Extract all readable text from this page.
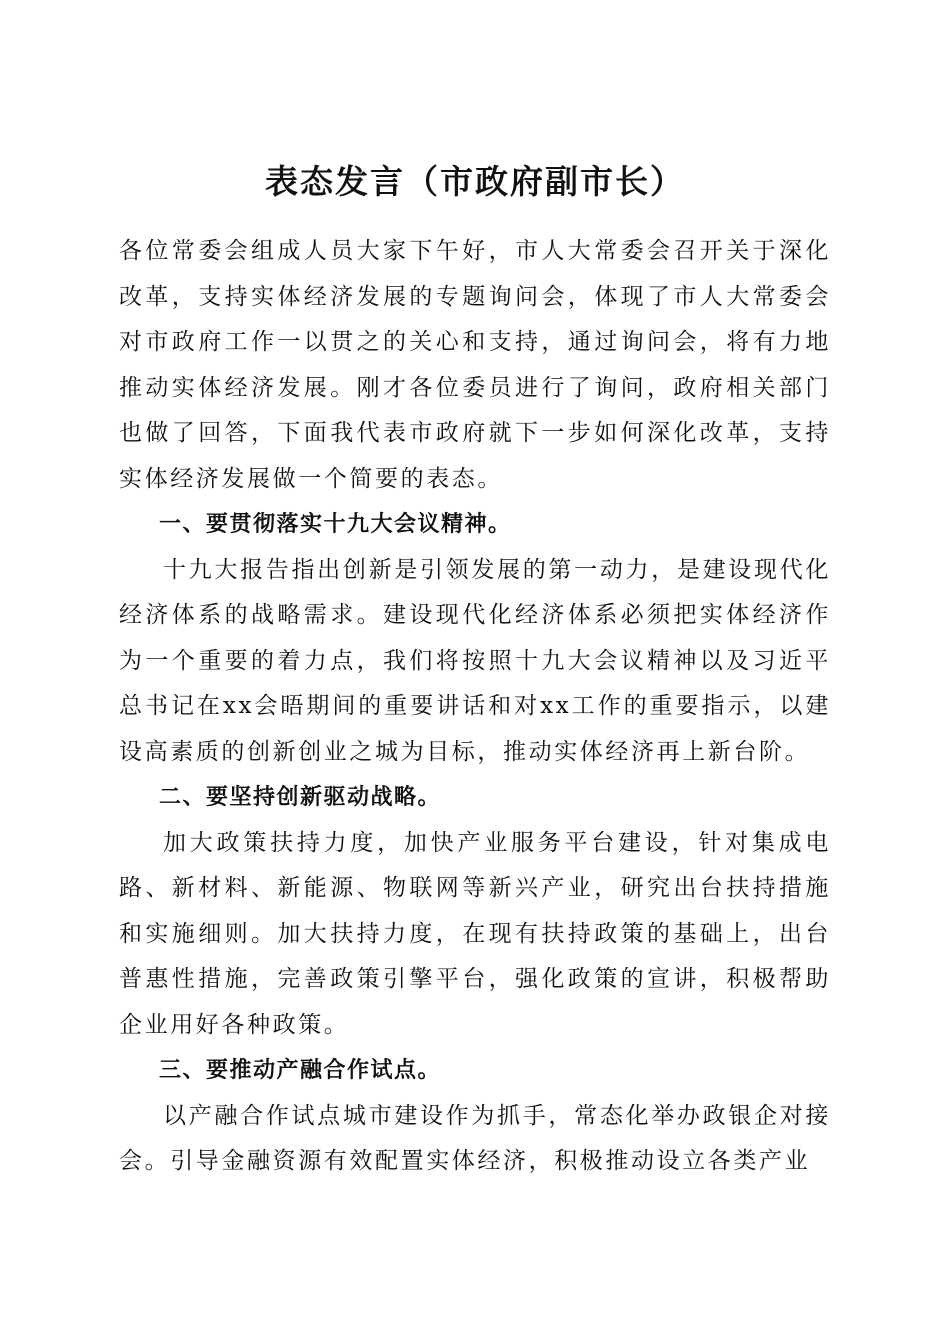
表态发言（市政府副市长）

各位常委会组成人员大家下午好，市人大常委会召开关于深化改革，支持实体经济发展的专题询问会，体现了市人大常委会对市政府工作一以贯之的关心和支持，通过询问会，将有力地推动实体经济发展。刚才各位委员进行了询问，政府相关部门也做了回答，下面我代表市政府就下一步如何深化改革，支持实体经济发展做一个简要的表态。

一、要贯彻落实十九大会议精神。

十九大报告指出创新是引领发展的第一动力，是建设现代化经济体系的战略需求。建设现代化经济体系必须把实体经济作为一个重要的着力点，我们将按照十九大会议精神以及习近平总书记在xx会晤期间的重要讲话和对xx工作的重要指示，以建设高素质的创新创业之城为目标，推动实体经济再上新台阶。

二、要坚持创新驱动战略。

加大政策扶持力度，加快产业服务平台建设，针对集成电路、新材料、新能源、物联网等新兴产业，研究出台扶持措施和实施细则。加大扶持力度，在现有扶持政策的基础上，出台普惠性措施，完善政策引擎平台，强化政策的宣讲，积极帮助企业用好各种政策。

三、要推动产融合作试点。

以产融合作试点城市建设作为抓手，常态化举办政银企对接会。引导金融资源有效配置实体经济，积极推动设立各类产业
